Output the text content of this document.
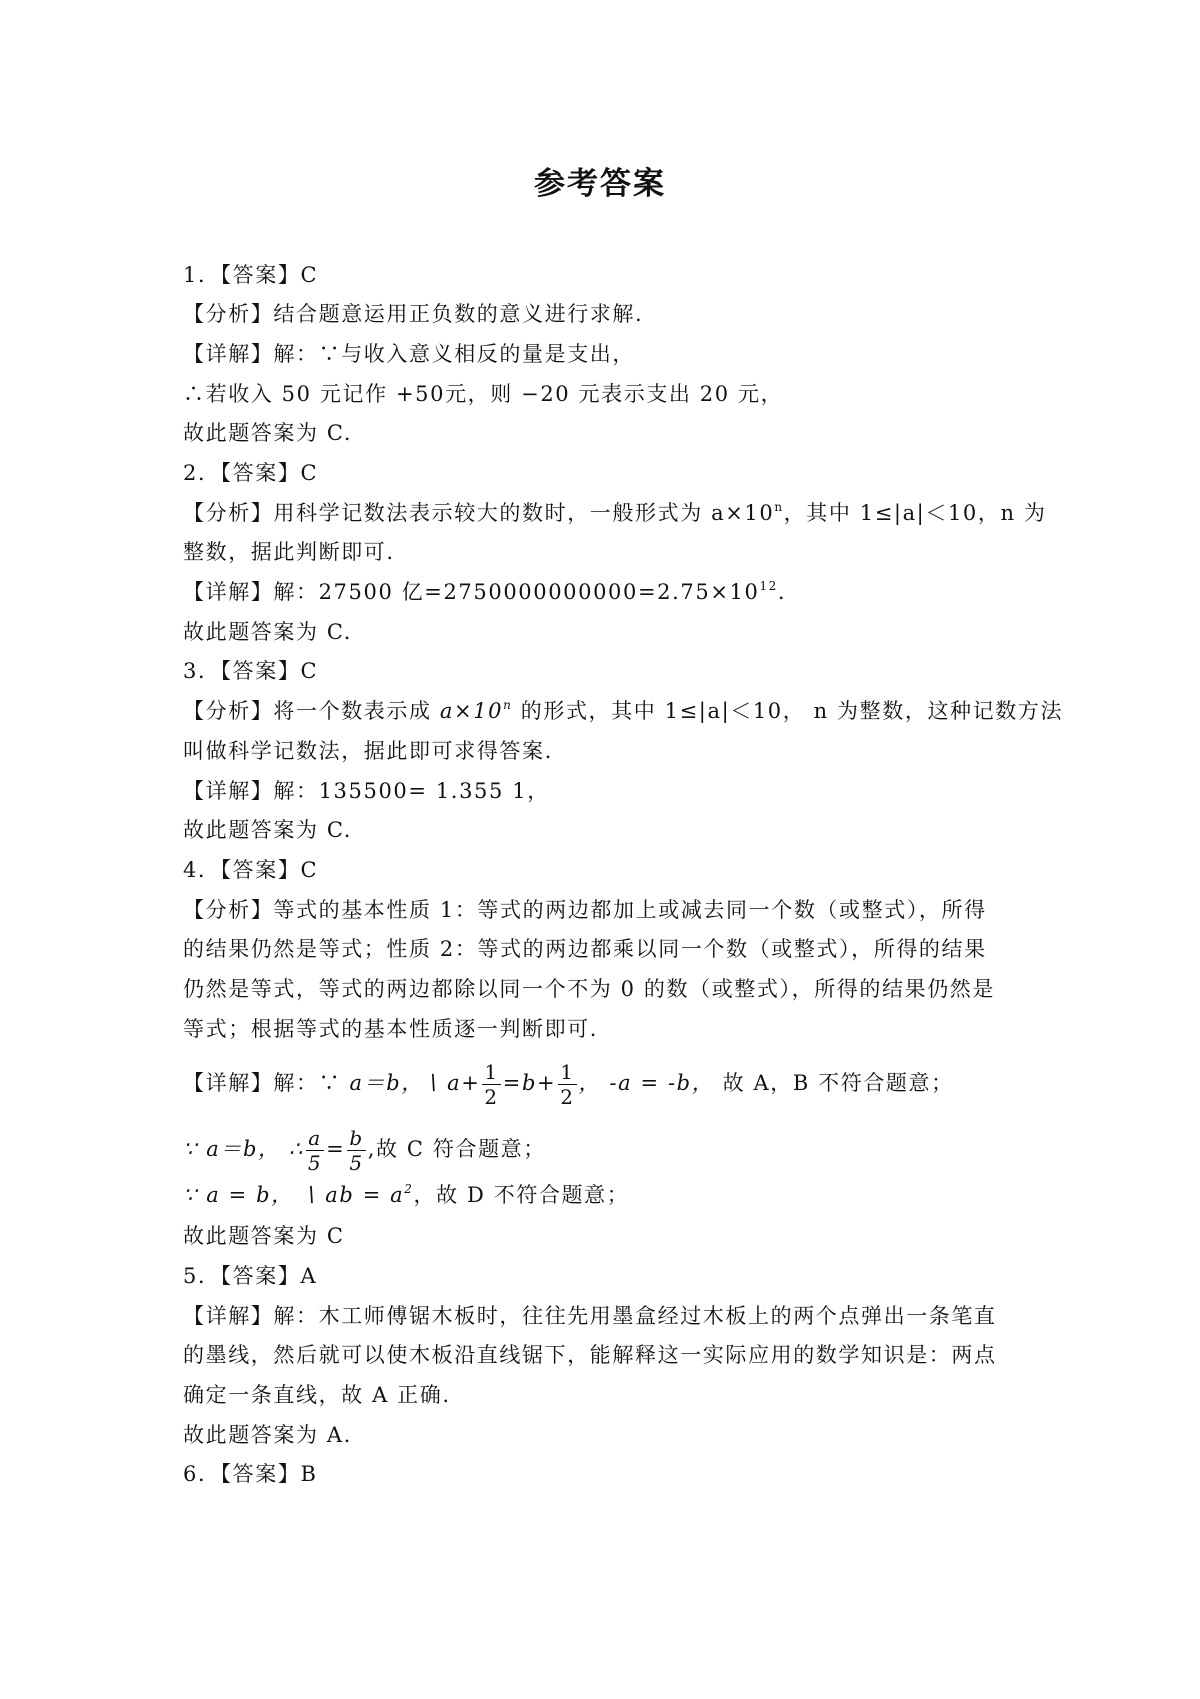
参考答案
1．【答案】C
【分析】结合题意运用正负数的意义进行求解.
【详解】解：∵与收入意义相反的量是支出，
∴若收入 50 元记作 +50元，则 −20 元表示支出 20 元，
故此题答案为 C.
2．【答案】C
【分析】用科学记数法表示较大的数时，一般形式为 $a\times 10^n$，其中 1≤|a|＜10，n 为
整数，据此判断即可.
【详解】解：27500 亿$=2750000000000=2.75\times 10^{12}$.
故此题答案为 C.
3．【答案】C
【分析】将一个数表示成 $a\times 10^n$ 的形式，其中 1≤|a|＜10， n 为整数，这种记数方法
叫做科学记数法，据此即可求得答案.
【详解】解：135500= 1.355 1，
故此题答案为 C.
4．【答案】C
【分析】等式的基本性质 1：等式的两边都加上或减去同一个数（或整式），所得
的结果仍然是等式；性质 2：等式的两边都乘以同一个数（或整式），所得的结果
仍然是等式，等式的两边都除以同一个不为 0 的数（或整式），所得的结果仍然是
等式；根据等式的基本性质逐一判断即可.
【详解】解：∵ a＝b，∖ $a+ \frac{1}{2} =b+ \frac{1}{2}$ ， -a = -b， 故 A，B 不符合题意；
∵ a＝b， ∴ $\frac{a}{5} = \frac{b}{5}$ ,故 C 符合题意；
∵ a = b， ∖ ab = $a^2$，故 D 不符合题意；
故此题答案为 C
5．【答案】A
【详解】解：木工师傅锯木板时，往往先用墨盒经过木板上的两个点弹出一条笔直
的墨线，然后就可以使木板沿直线锯下，能解释这一实际应用的数学知识是：两点
确定一条直线，故 A 正确.
故此题答案为 A.
6．【答案】B
